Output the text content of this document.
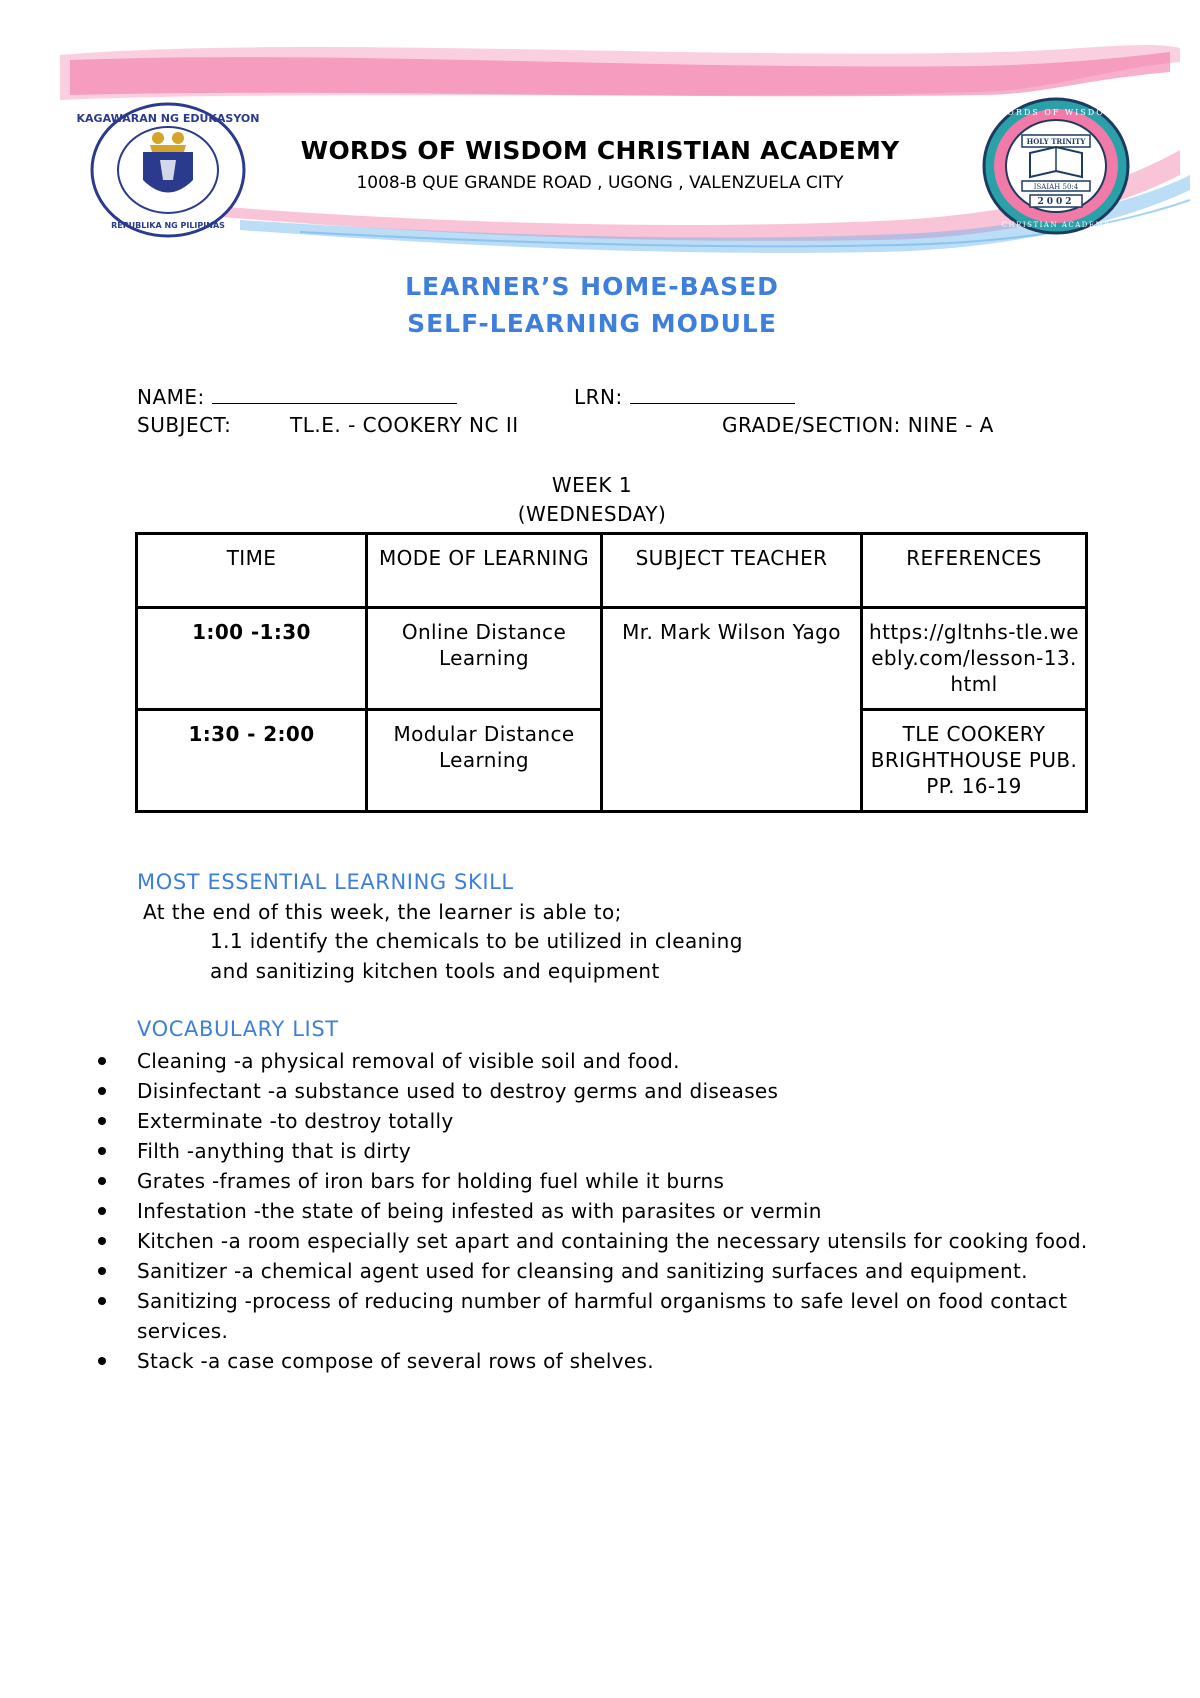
KAGAWARAN NG EDUKASYON
REPUBLIKA NG PILIPINAS
HOLY TRINITY
ISAIAH 50:4
2002
WORDS OF WISDOM
CHRISTIAN ACADEMY
WORDS OF WISDOM CHRISTIAN ACADEMY
1008-B QUE GRANDE ROAD , UGONG , VALENZUELA CITY
LEARNER’S HOME-BASED
SELF-LEARNING MODULE
NAME:	LRN:
SUBJECT:	TL.E. - COOKERY NC II	GRADE/SECTION: NINE - A
WEEK 1
(WEDNESDAY)
TIME	MODE OF LEARNING	SUBJECT TEACHER	REFERENCES
1:00 -1:30	Online Distance Learning	Mr. Mark Wilson Yago	https://gltnhs-tle.weebly.com/lesson-13.html
1:30 - 2:00	Modular Distance Learning		TLE COOKERY BRIGHTHOUSE PUB. PP. 16-19
MOST ESSENTIAL LEARNING SKILL
At the end of this week, the learner is able to;
1.1 identify the chemicals to be utilized in cleaning
and sanitizing kitchen tools and equipment
VOCABULARY LIST
Cleaning -a physical removal of visible soil and food.
Disinfectant -a substance used to destroy germs and diseases
Exterminate -to destroy totally
Filth -anything that is dirty
Grates -frames of iron bars for holding fuel while it burns
Infestation -the state of being infested as with parasites or vermin
Kitchen -a room especially set apart and containing the necessary utensils for cooking food.
Sanitizer -a chemical agent used for cleansing and sanitizing surfaces and equipment.
Sanitizing -process of reducing number of harmful organisms to safe level on food contact services.
Stack -a case compose of several rows of shelves.
